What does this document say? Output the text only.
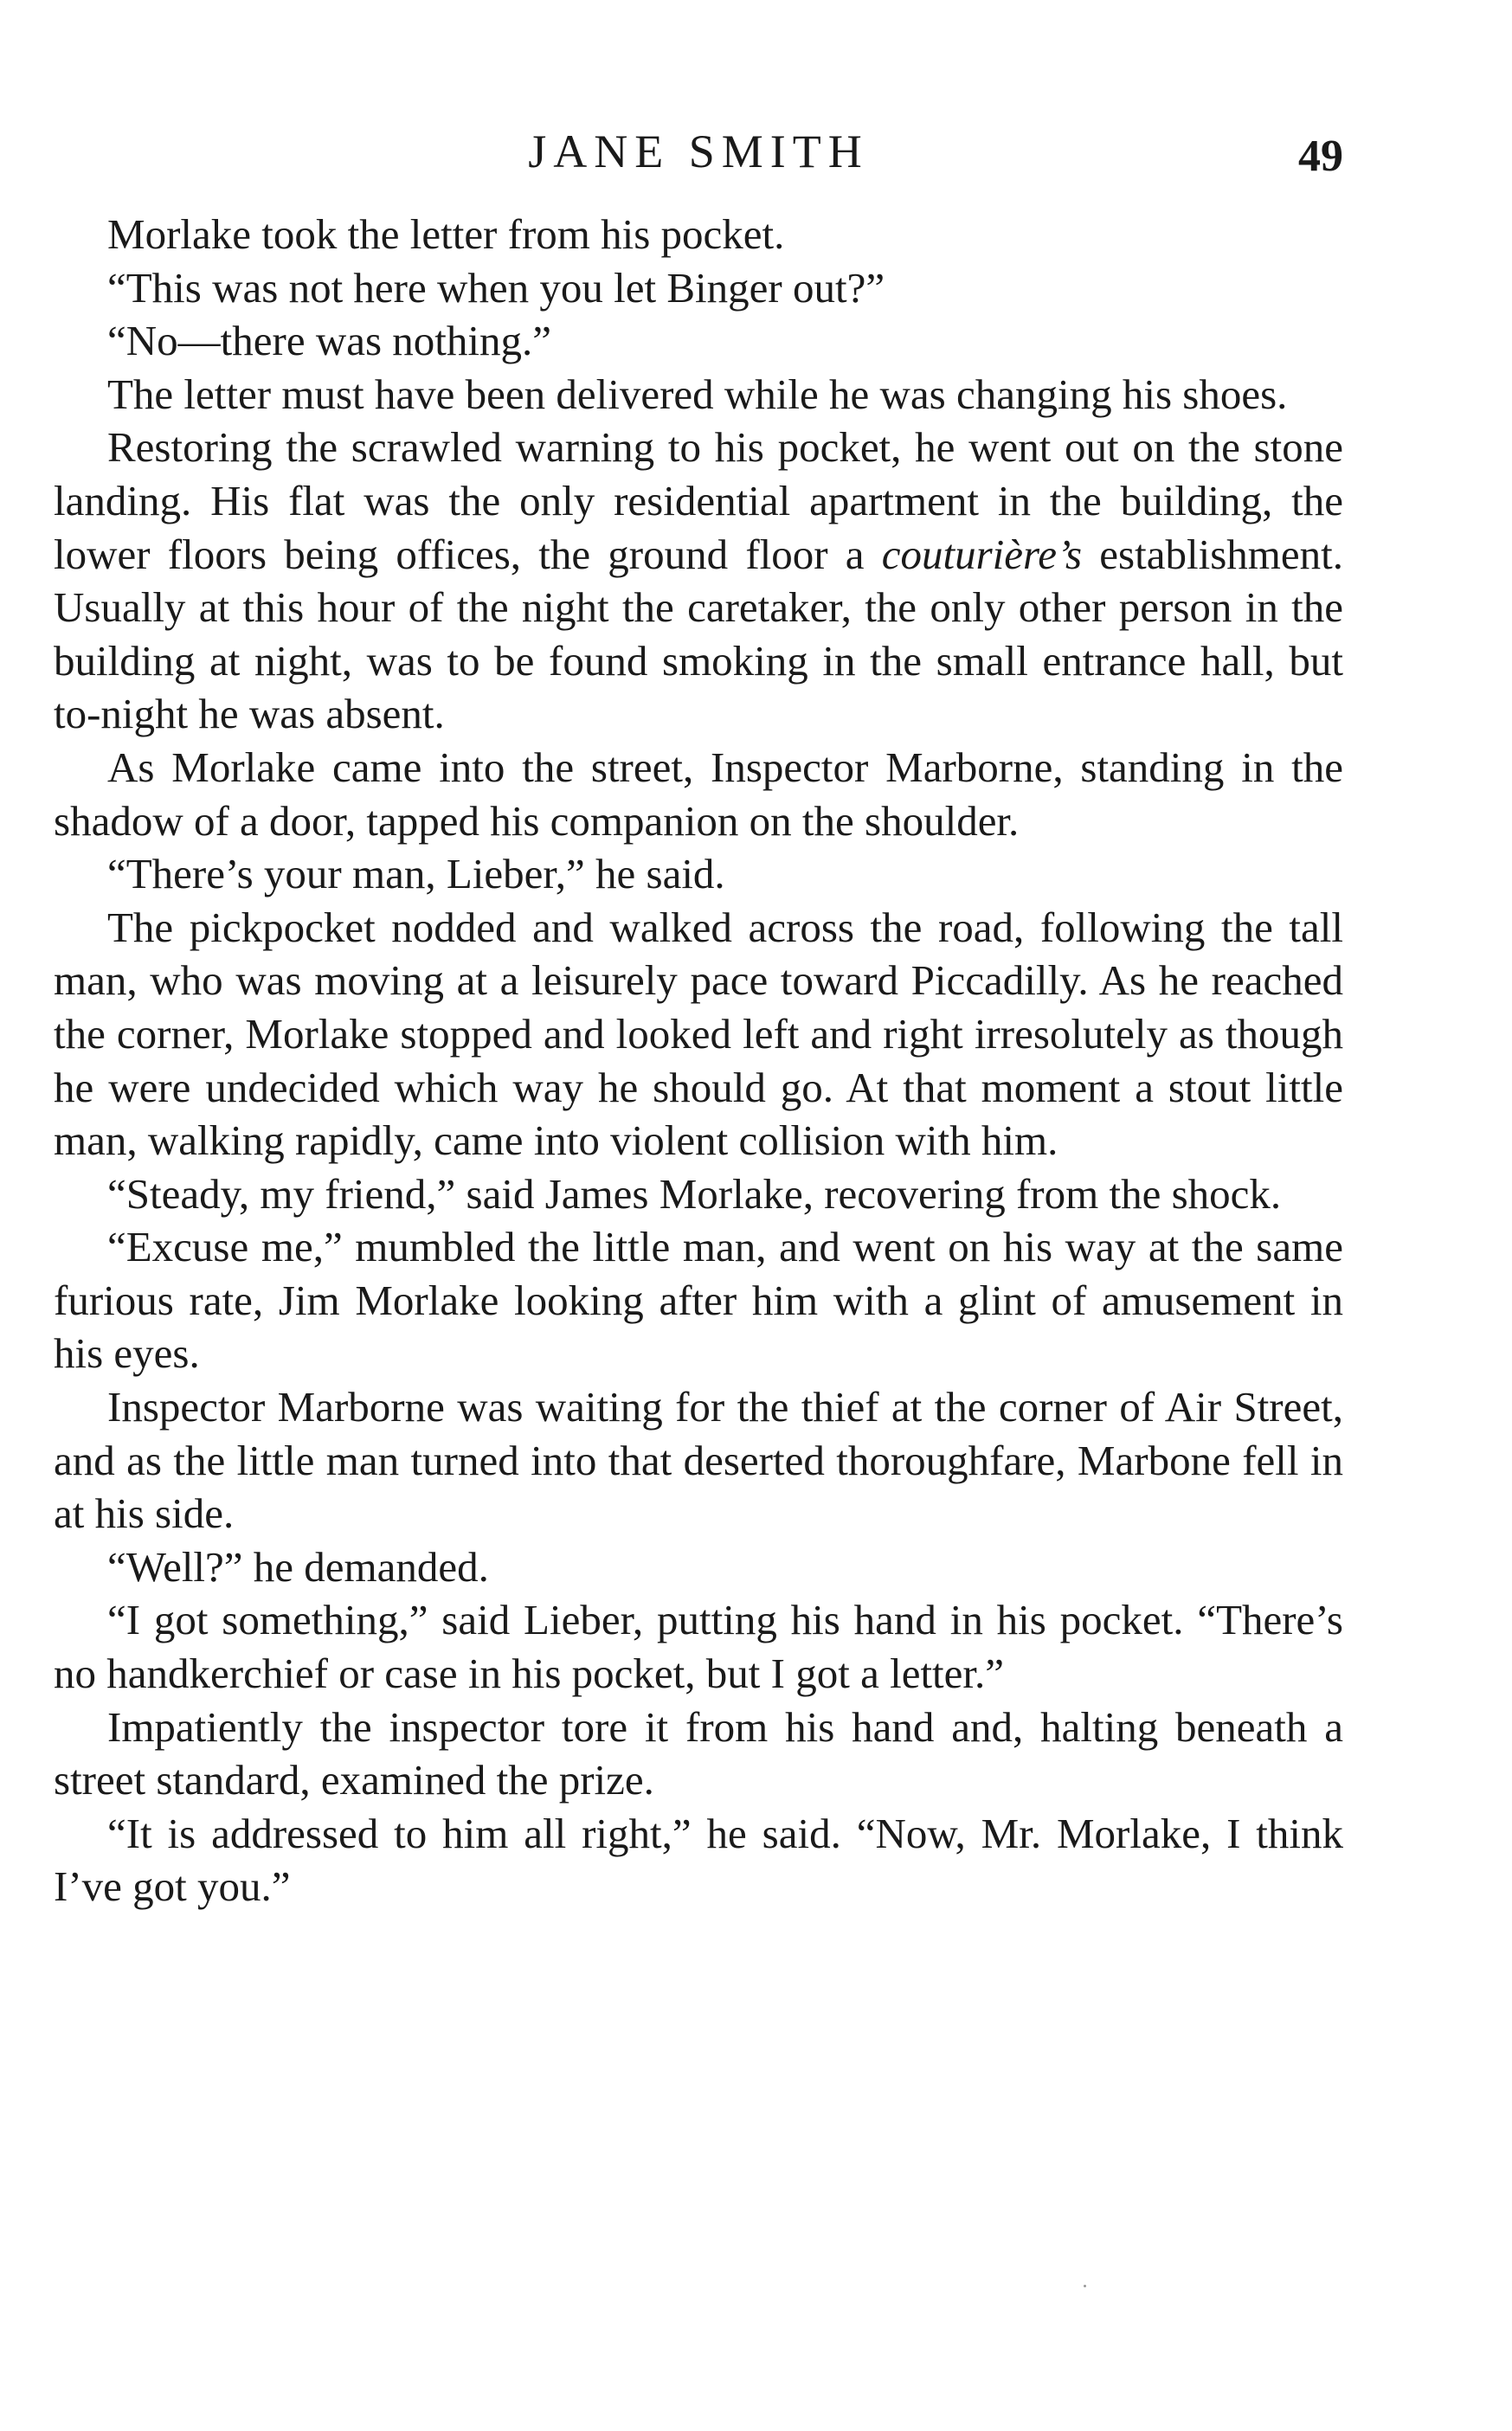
JANE SMITH	49

Morlake took the letter from his pocket.

“This was not here when you let Binger out?”

“No—there was nothing.”

The letter must have been delivered while he was changing his shoes.

Restoring the scrawled warning to his pocket, he went out on the stone landing. His flat was the only residential apartment in the building, the lower floors being offices, the ground floor a couturière’s establishment. Usually at this hour of the night the caretaker, the only other person in the building at night, was to be found smoking in the small entrance hall, but to-night he was absent.

As Morlake came into the street, Inspector Marborne, standing in the shadow of a door, tapped his companion on the shoulder.

“There’s your man, Lieber,” he said.

The pickpocket nodded and walked across the road, following the tall man, who was moving at a leisurely pace toward Piccadilly. As he reached the corner, Morlake stopped and looked left and right irresolutely as though he were undecided which way he should go. At that moment a stout little man, walking rapidly, came into violent collision with him.

“Steady, my friend,” said James Morlake, recovering from the shock.

“Excuse me,” mumbled the little man, and went on his way at the same furious rate, Jim Morlake looking after him with a glint of amusement in his eyes.

Inspector Marborne was waiting for the thief at the corner of Air Street, and as the little man turned into that deserted thoroughfare, Marbone fell in at his side.

“Well?” he demanded.

“I got something,” said Lieber, putting his hand in his pocket. “There’s no handkerchief or case in his pocket, but I got a letter.”

Impatiently the inspector tore it from his hand and, halting beneath a street standard, examined the prize.

“It is addressed to him all right,” he said. “Now, Mr. Morlake, I think I’ve got you.”
